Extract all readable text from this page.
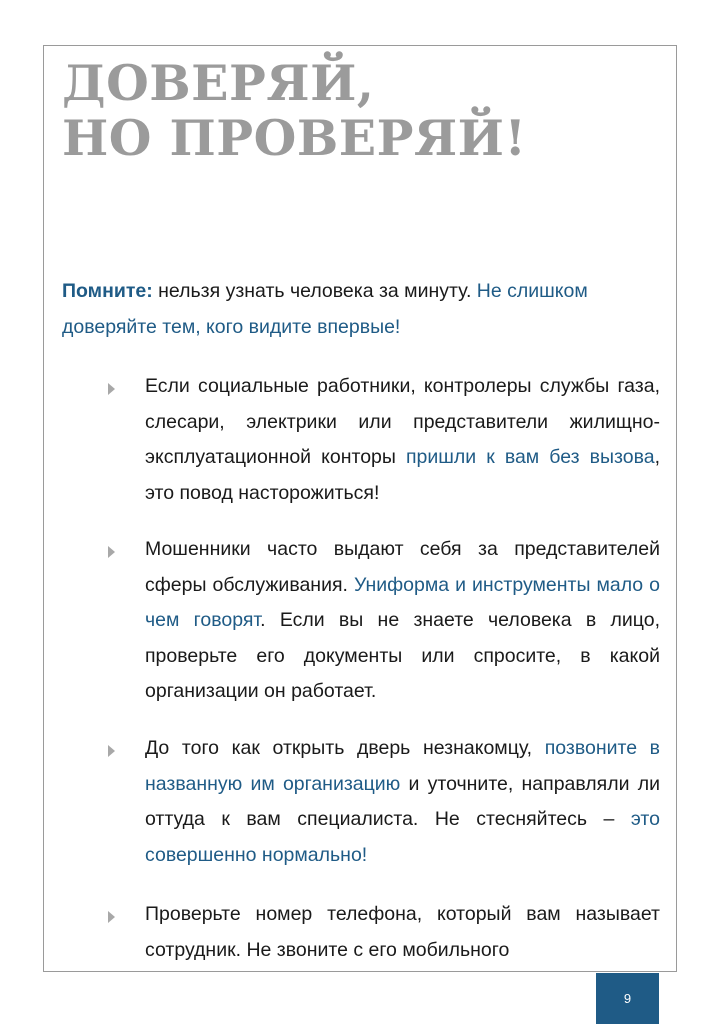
ДОВЕРЯЙ,
НО ПРОВЕРЯЙ!

Помните: нельзя узнать человека за минуту. Не слишком доверяйте тем, кого видите впервые!

Если социальные работники, контролеры службы газа, слесари, электрики или представители жилищно-эксплуатационной конторы пришли к вам без вызова, это повод насторожиться!

Мошенники часто выдают себя за представителей сферы обслуживания. Униформа и инструменты мало о чем говорят. Если вы не знаете человека в лицо, проверьте его документы или спросите, в какой организации он работает.

До того как открыть дверь незнакомцу, позвоните в названную им организацию и уточните, направляли ли оттуда к вам специалиста. Не стесняйтесь – это совершенно нормально!

Проверьте номер телефона, который вам называет сотрудник. Не звоните с его мобильного

9
